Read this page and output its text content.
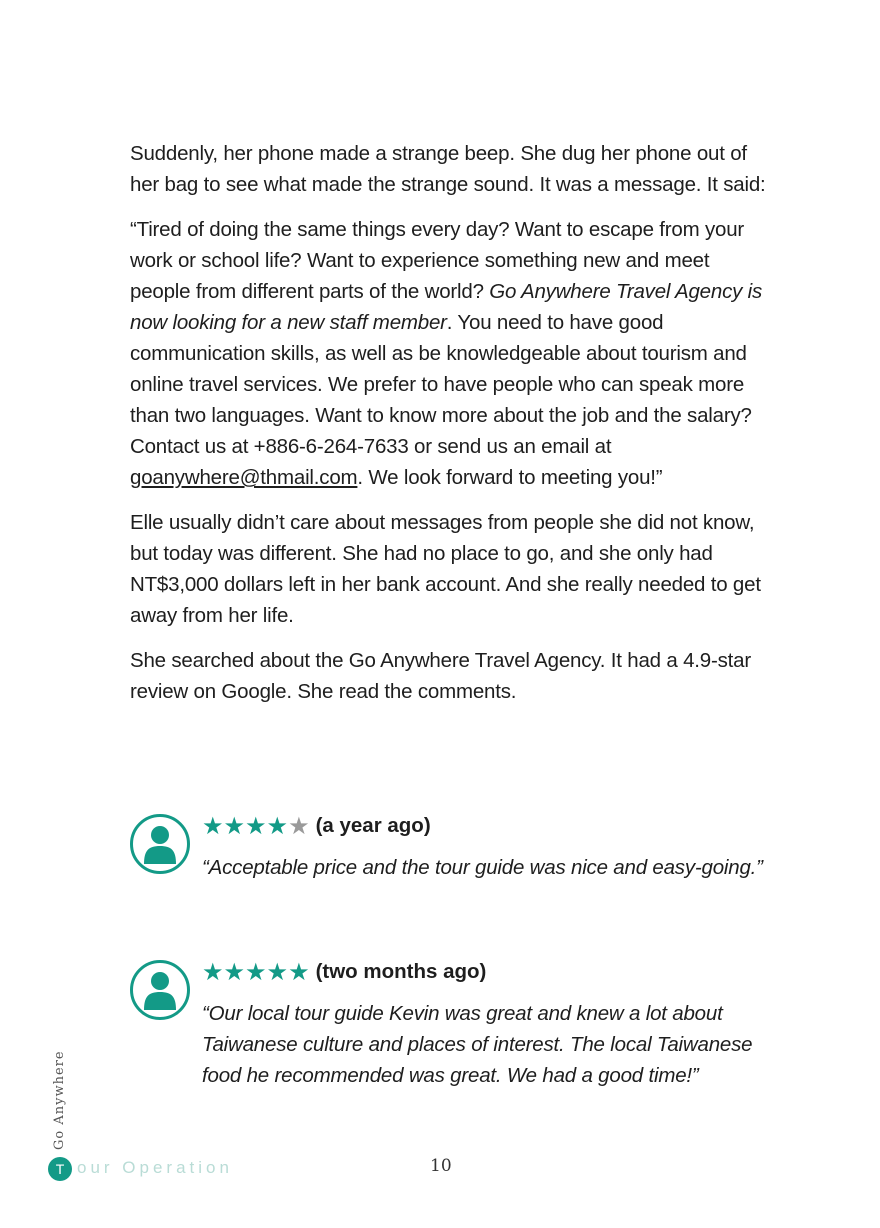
Suddenly, her phone made a strange beep. She dug her phone out of her bag to see what made the strange sound. It was a message. It said:

“Tired of doing the same things every day? Want to escape from your work or school life? Want to experience something new and meet people from different parts of the world? Go Anywhere Travel Agency is now looking for a new staff member. You need to have good communication skills, as well as be knowledgeable about tourism and online travel services. We prefer to have people who can speak more than two languages. Want to know more about the job and the salary? Contact us at +886-6-264-7633 or send us an email at goanywhere@thmail.com. We look forward to meeting you!”

Elle usually didn’t care about messages from people she did not know, but today was different. She had no place to go, and she only had NT$3,000 dollars left in her bank account. And she really needed to get away from her life.

She searched about the Go Anywhere Travel Agency. It had a 4.9-star review on Google. She read the comments.

★★★★★ (a year ago)
“Acceptable price and the tour guide was nice and easy-going.”
★★★★★ (two months ago)
“Our local tour guide Kevin was great and knew a lot about Taiwanese culture and places of interest. The local Taiwanese food he recommended was great. We had a good time!”
Go Anywhere
T our Operation	10
